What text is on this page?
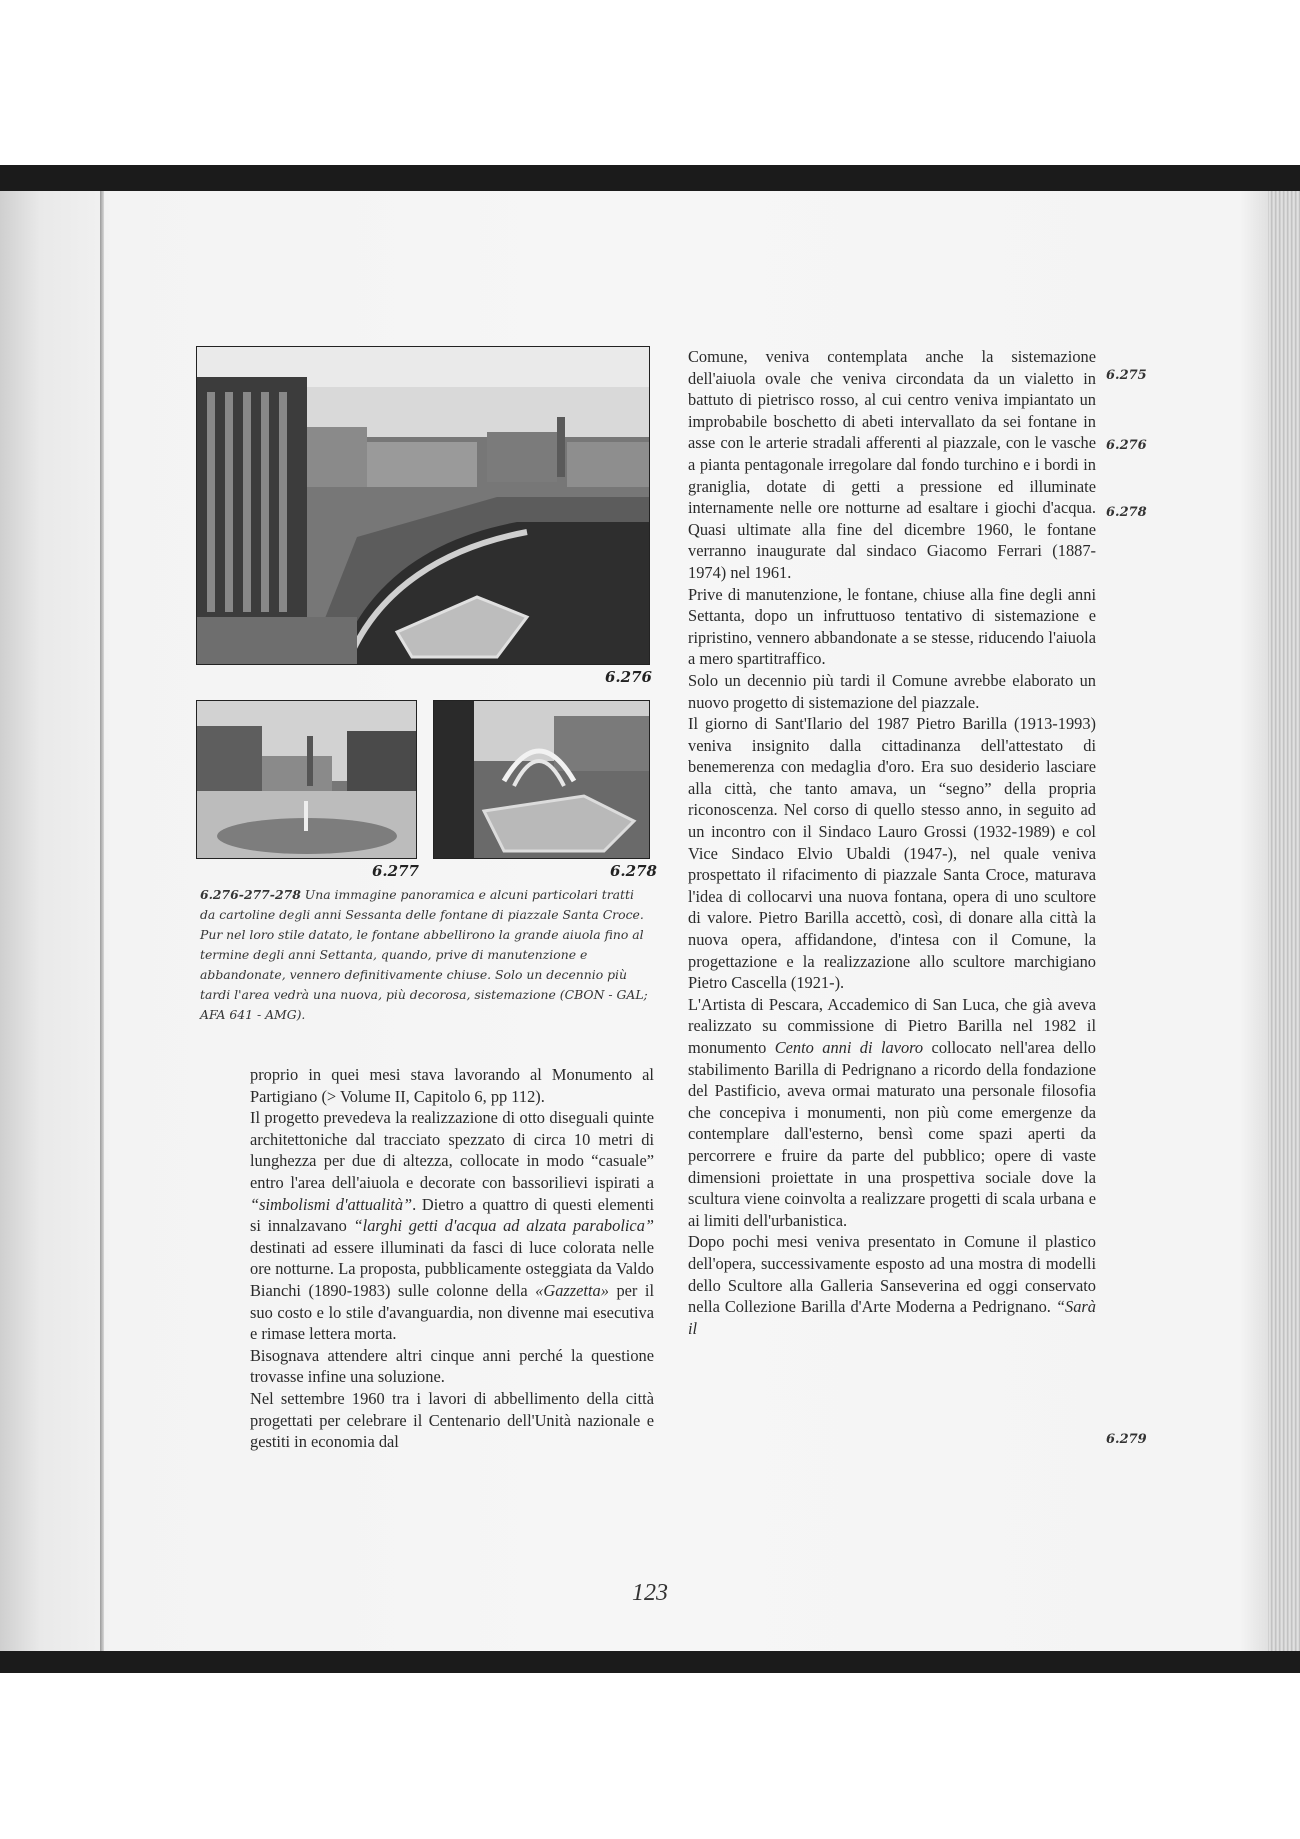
6.276
6.277	6.278
6.276-277-278 Una immagine panoramica e alcuni particolari tratti da cartoline degli anni Sessanta delle fontane di piazzale Santa Croce. Pur nel loro stile datato, le fontane abbellirono la grande aiuola fino al termine degli anni Settanta, quando, prive di manutenzione e abbandonate, vennero definitivamente chiuse. Solo un decennio più tardi l'area vedrà una nuova, più decorosa, sistemazione (CBON - GAL; AFA 641 - AMG).

proprio in quei mesi stava lavorando al Monumento al Partigiano (> Volume II, Capitolo 6, pp 112).

Il progetto prevedeva la realizzazione di otto diseguali quinte architettoniche dal tracciato spezzato di circa 10 metri di lunghezza per due di altezza, collocate in modo “casuale” entro l'area dell'aiuola e decorate con bassorilievi ispirati a “simbolismi d'attualità”. Dietro a quattro di questi elementi si innalzavano “larghi getti d'acqua ad alzata parabolica” destinati ad essere illuminati da fasci di luce colorata nelle ore notturne. La proposta, pubblicamente osteggiata da Valdo Bianchi (1890-1983) sulle colonne della «Gazzetta» per il suo costo e lo stile d'avanguardia, non divenne mai esecutiva e rimase lettera morta.

Bisognava attendere altri cinque anni perché la questione trovasse infine una soluzione.

Nel settembre 1960 tra i lavori di abbellimento della città progettati per celebrare il Centenario dell'Unità nazionale e gestiti in economia dal

Comune, veniva contemplata anche la sistemazione dell'aiuola ovale che veniva circondata da un vialetto in battuto di pietrisco rosso, al cui centro veniva impiantato un improbabile boschetto di abeti intervallato da sei fontane in asse con le arterie stradali afferenti al piazzale, con le vasche a pianta pentagonale irregolare dal fondo turchino e i bordi in graniglia, dotate di getti a pressione ed illuminate internamente nelle ore notturne ad esaltare i giochi d'acqua. Quasi ultimate alla fine del dicembre 1960, le fontane verranno inaugurate dal sindaco Giacomo Ferrari (1887-1974) nel 1961.

Prive di manutenzione, le fontane, chiuse alla fine degli anni Settanta, dopo un infruttuoso tentativo di sistemazione e ripristino, vennero abbandonate a se stesse, riducendo l'aiuola a mero spartitraffico.

Solo un decennio più tardi il Comune avrebbe elaborato un nuovo progetto di sistemazione del piazzale.

Il giorno di Sant'Ilario del 1987 Pietro Barilla (1913-1993) veniva insignito dalla cittadinanza dell'attestato di benemerenza con medaglia d'oro. Era suo desiderio lasciare alla città, che tanto amava, un “segno” della propria riconoscenza. Nel corso di quello stesso anno, in seguito ad un incontro con il Sindaco Lauro Grossi (1932-1989) e col Vice Sindaco Elvio Ubaldi (1947-), nel quale veniva prospettato il rifacimento di piazzale Santa Croce, maturava l'idea di collocarvi una nuova fontana, opera di uno scultore di valore. Pietro Barilla accettò, così, di donare alla città la nuova opera, affidandone, d'intesa con il Comune, la progettazione e la realizzazione allo scultore marchigiano Pietro Cascella (1921-).

L'Artista di Pescara, Accademico di San Luca, che già aveva realizzato su commissione di Pietro Barilla nel 1982 il monumento Cento anni di lavoro collocato nell'area dello stabilimento Barilla di Pedrignano a ricordo della fondazione del Pastificio, aveva ormai maturato una personale filosofia che concepiva i monumenti, non più come emergenze da contemplare dall'esterno, bensì come spazi aperti da percorrere e fruire da parte del pubblico; opere di vaste dimensioni proiettate in una prospettiva sociale dove la scultura viene coinvolta a realizzare progetti di scala urbana e ai limiti dell'urbanistica.

Dopo pochi mesi veniva presentato in Comune il plastico dell'opera, successivamente esposto ad una mostra di modelli dello Scultore alla Galleria Sanseverina ed oggi conservato nella Collezione Barilla d'Arte Moderna a Pedrignano. “Sarà il

6.275
6.276
6.278
6.279
123
